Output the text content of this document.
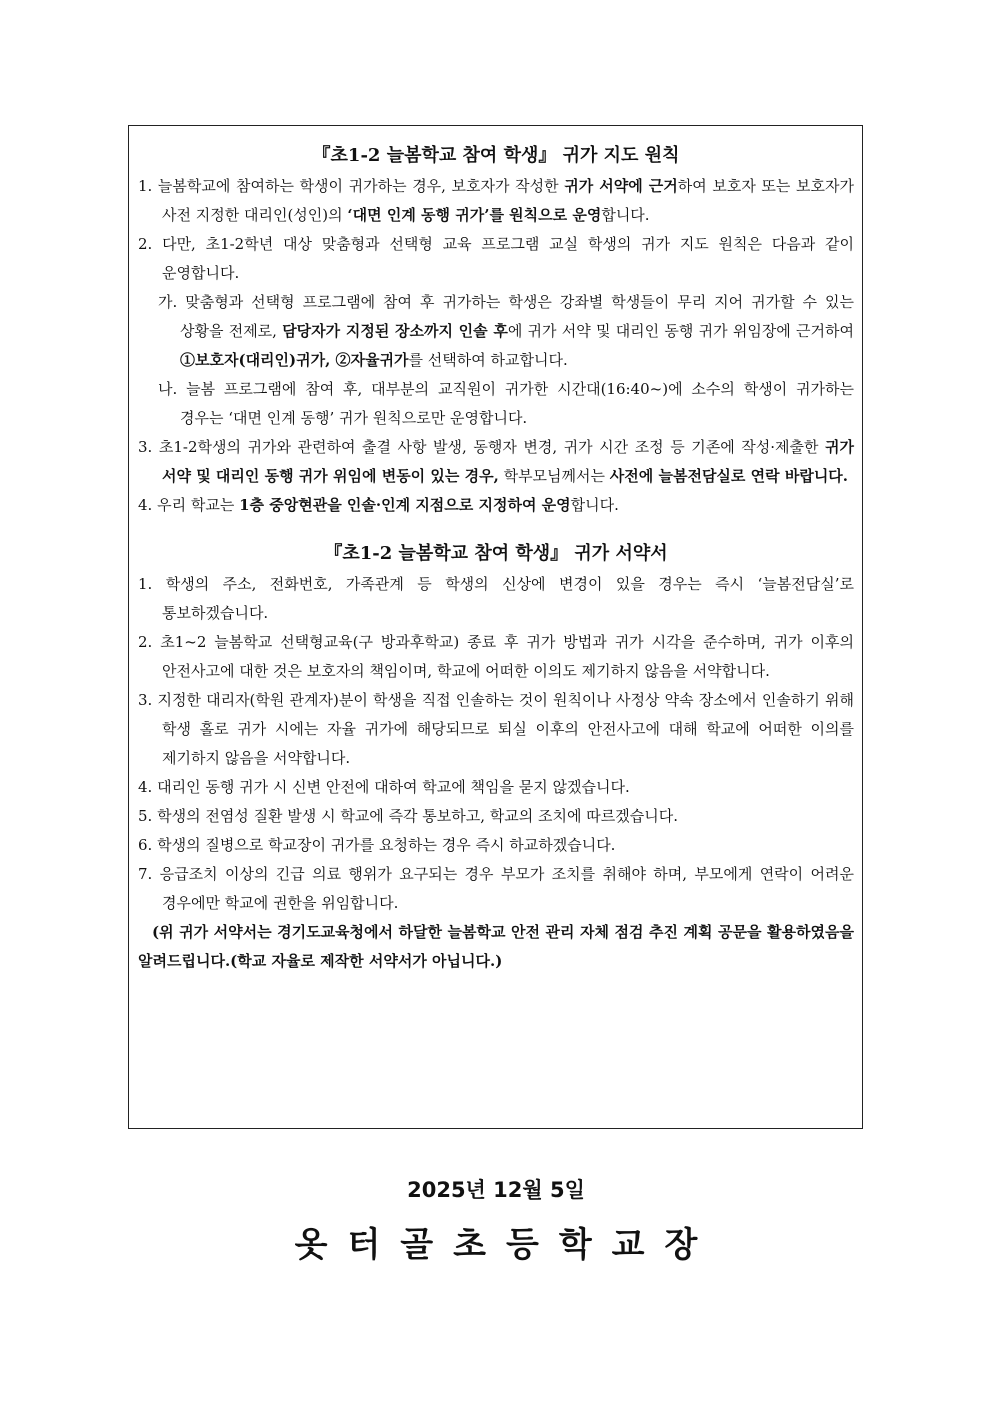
『초1-2 늘봄학교 참여 학생』 귀가 지도 원칙

1. 늘봄학교에 참여하는 학생이 귀가하는 경우, 보호자가 작성한 귀가 서약에 근거하여 보호자 또는 보호자가 사전 지정한 대리인(성인)의 ‘대면 인계 동행 귀가’를 원칙으로 운영합니다.

2. 다만, 초1-2학년 대상 맞춤형과 선택형 교육 프로그램 교실 학생의 귀가 지도 원칙은 다음과 같이 운영합니다.

가. 맞춤형과 선택형 프로그램에 참여 후 귀가하는 학생은 강좌별 학생들이 무리 지어 귀가할 수 있는 상황을 전제로, 담당자가 지정된 장소까지 인솔 후에 귀가 서약 및 대리인 동행 귀가 위임장에 근거하여 ①보호자(대리인)귀가, ②자율귀가를 선택하여 하교합니다.

나. 늘봄 프로그램에 참여 후, 대부분의 교직원이 귀가한 시간대(16:40~)에 소수의 학생이 귀가하는 경우는 ‘대면 인계 동행’ 귀가 원칙으로만 운영합니다.

3. 초1-2학생의 귀가와 관련하여 출결 사항 발생, 동행자 변경, 귀가 시간 조정 등 기존에 작성·제출한 귀가 서약 및 대리인 동행 귀가 위임에 변동이 있는 경우, 학부모님께서는 사전에 늘봄전담실로 연락 바랍니다.

4. 우리 학교는 1층 중앙현관을 인솔·인계 지점으로 지정하여 운영합니다.

『초1-2 늘봄학교 참여 학생』 귀가 서약서

1. 학생의 주소, 전화번호, 가족관계 등 학생의 신상에 변경이 있을 경우는 즉시 ‘늘봄전담실’로 통보하겠습니다.

2. 초1~2 늘봄학교 선택형교육(구 방과후학교) 종료 후 귀가 방법과 귀가 시각을 준수하며, 귀가 이후의 안전사고에 대한 것은 보호자의 책임이며, 학교에 어떠한 이의도 제기하지 않음을 서약합니다.

3. 지정한 대리자(학원 관계자)분이 학생을 직접 인솔하는 것이 원칙이나 사정상 약속 장소에서 인솔하기 위해 학생 홀로 귀가 시에는 자율 귀가에 해당되므로 퇴실 이후의 안전사고에 대해 학교에 어떠한 이의를 제기하지 않음을 서약합니다.

4. 대리인 동행 귀가 시 신변 안전에 대하여 학교에 책임을 묻지 않겠습니다.

5. 학생의 전염성 질환 발생 시 학교에 즉각 통보하고, 학교의 조치에 따르겠습니다.

6. 학생의 질병으로 학교장이 귀가를 요청하는 경우 즉시 하교하겠습니다.

7. 응급조치 이상의 긴급 의료 행위가 요구되는 경우 부모가 조치를 취해야 하며, 부모에게 연락이 어려운 경우에만 학교에 권한을 위임합니다.

(위 귀가 서약서는 경기도교육청에서 하달한 늘봄학교 안전 관리 자체 점검 추진 계획 공문을 활용하였음을 알려드립니다.(학교 자율로 제작한 서약서가 아닙니다.)

2025년 12월 5일
옷터골초등학교장
